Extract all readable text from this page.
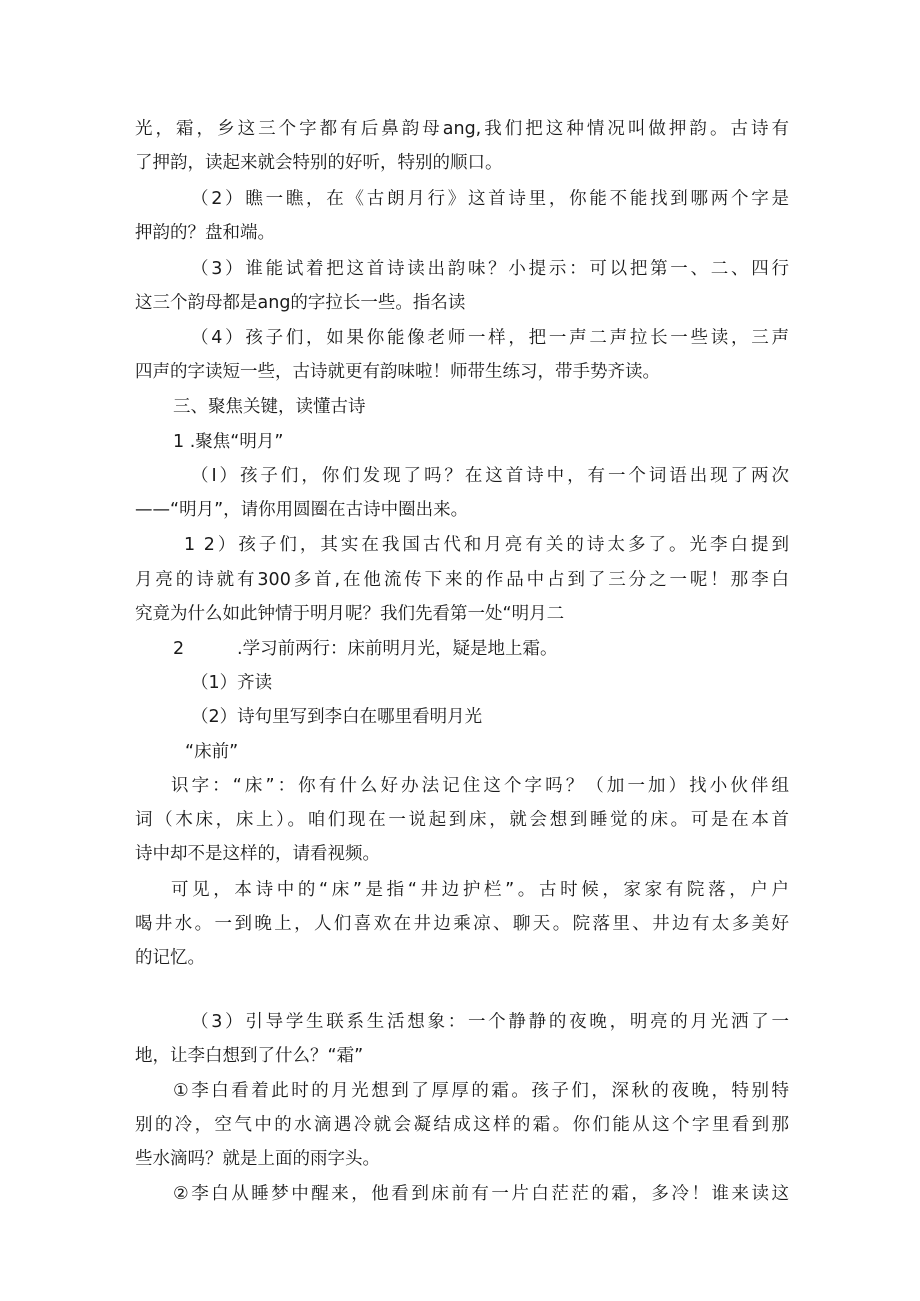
光，霜，乡这三个字都有后鼻韵母ang,我们把这种情况叫做押韵。古诗有
了押韵，读起来就会特别的好听，特别的顺口。
（2）瞧一瞧，在《古朗月行》这首诗里，你能不能找到哪两个字是
押韵的？盘和端。
（3）谁能试着把这首诗读出韵味？小提示：可以把第一、二、四行
这三个韵母都是ang的字拉长一些。指名读
（4）孩子们，如果你能像老师一样，把一声二声拉长一些读，三声
四声的字读短一些，古诗就更有韵味啦！师带生练习，带手势齐读。
三、聚焦关键，读懂古诗
1 .聚焦“明月”
（I）孩子们，你们发现了吗？在这首诗中，有一个词语出现了两次
——“明月”，请你用圆圈在古诗中圈出来。
1 2）孩子们，其实在我国古代和月亮有关的诗太多了。光李白提到
月亮的诗就有300多首,在他流传下来的作品中占到了三分之一呢！那李白
究竟为什么如此钟情于明月呢？我们先看第一处“明月二
2	.学习前两行：床前明月光，疑是地上霜。
（1）齐读
（2）诗句里写到李白在哪里看明月光
“床前”
识字：“床”：你有什么好办法记住这个字吗？（加一加）找小伙伴组
词（木床，床上）。咱们现在一说起到床，就会想到睡觉的床。可是在本首
诗中却不是这样的，请看视频。
可见，本诗中的“床”是指“井边护栏”。古时候，家家有院落，户户
喝井水。一到晚上，人们喜欢在井边乘凉、聊天。院落里、井边有太多美好
的记忆。
（3）引导学生联系生活想象：一个静静的夜晚，明亮的月光洒了一
地，让李白想到了什么？“霜”
①李白看着此时的月光想到了厚厚的霜。孩子们，深秋的夜晚，特别特
别的冷，空气中的水滴遇冷就会凝结成这样的霜。你们能从这个字里看到那
些水滴吗？就是上面的雨字头。
②李白从睡梦中醒来，他看到床前有一片白茫茫的霜，多冷！谁来读这
